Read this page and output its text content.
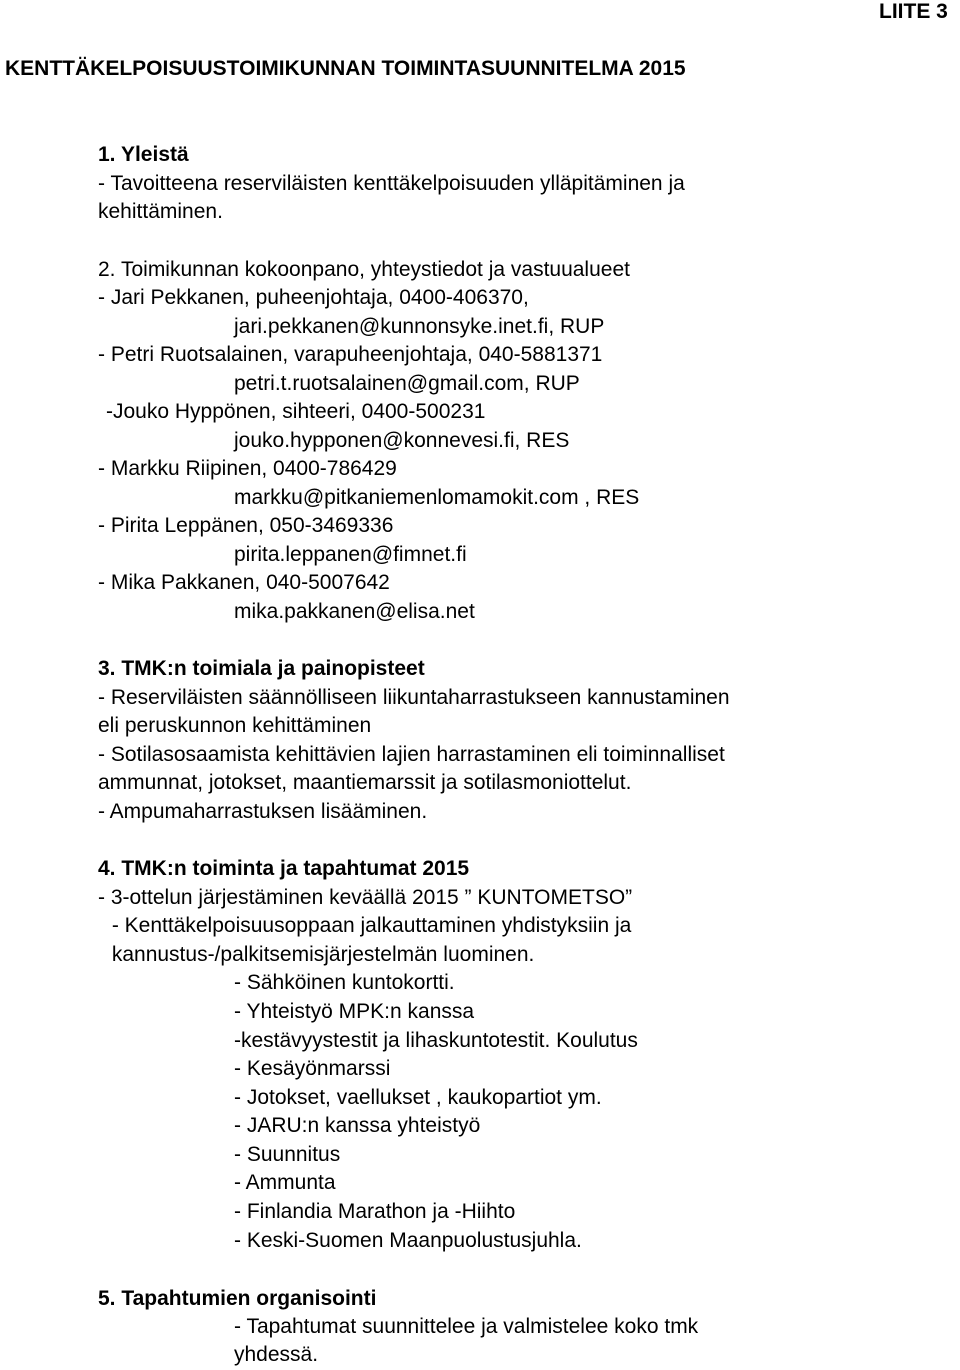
LIITE 3
KENTTÄKELPOISUUSTOIMIKUNNAN TOIMINTASUUNNITELMA 2015
1. Yleistä
- Tavoitteena reserviläisten kenttäkelpoisuuden ylläpitäminen ja
kehittäminen.
2. Toimikunnan kokoonpano, yhteystiedot ja vastuualueet
- Jari Pekkanen, puheenjohtaja, 0400-406370,
jari.pekkanen@kunnonsyke.inet.fi, RUP
- Petri Ruotsalainen, varapuheenjohtaja, 040-5881371
petri.t.ruotsalainen@gmail.com, RUP
-Jouko Hyppönen, sihteeri, 0400-500231
jouko.hypponen@konnevesi.fi, RES
- Markku Riipinen, 0400-786429
markku@pitkaniemenlomamokit.com , RES
- Pirita Leppänen, 050-3469336
pirita.leppanen@fimnet.fi
- Mika Pakkanen, 040-5007642
mika.pakkanen@elisa.net
3. TMK:n toimiala ja painopisteet
- Reserviläisten säännölliseen liikuntaharrastukseen kannustaminen
eli peruskunnon kehittäminen
- Sotilasosaamista kehittävien lajien harrastaminen eli toiminnalliset
ammunnat, jotokset, maantiemarssit ja sotilasmoniottelut.
- Ampumaharrastuksen lisääminen.
4. TMK:n toiminta ja tapahtumat 2015
- 3-ottelun järjestäminen keväällä 2015 ” KUNTOMETSO”
- Kenttäkelpoisuusoppaan jalkauttaminen yhdistyksiin ja
kannustus-/palkitsemisjärjestelmän luominen.
- Sähköinen kuntokortti.
- Yhteistyö MPK:n kanssa
-kestävyystestit ja lihaskuntotestit. Koulutus
- Kesäyönmarssi
- Jotokset, vaellukset , kaukopartiot ym.
- JARU:n kanssa yhteistyö
- Suunnitus
- Ammunta
- Finlandia Marathon ja -Hiihto
- Keski-Suomen Maanpuolustusjuhla.
5. Tapahtumien organisointi
- Tapahtumat suunnittelee ja valmistelee koko tmk
yhdessä.
